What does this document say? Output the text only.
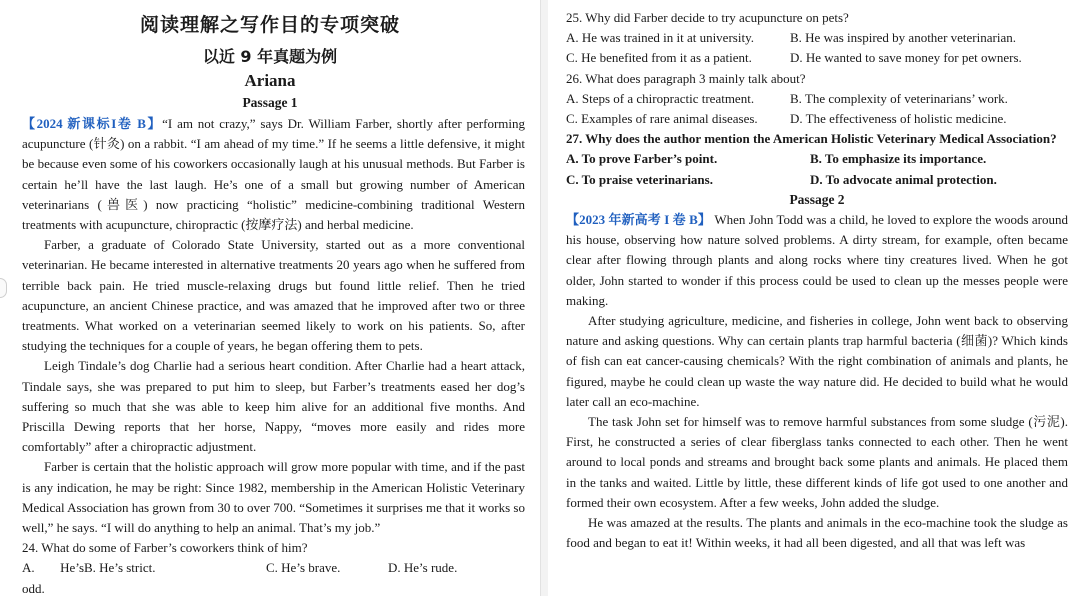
阅读理解之写作目的专项突破
以近 9 年真题为例
Ariana
Passage 1

【2024 新课标I卷 B】“I am not crazy,” says Dr. William Farber, shortly after performing acupuncture (针灸) on a rabbit. “I am ahead of my time.” If he seems a little defensive, it might be because even some of his coworkers occasionally laugh at his unusual methods. But Farber is certain he’ll have the last laugh. He’s one of a small but growing number of American veterinarians (兽医) now practicing “holistic” medicine-combining traditional Western treatments with acupuncture, chiropractic (按摩疗法) and herbal medicine.

Farber, a graduate of Colorado State University, started out as a more conventional veterinarian. He became interested in alternative treatments 20 years ago when he suffered from terrible back pain. He tried muscle-relaxing drugs but found little relief. Then he tried acupuncture, an ancient Chinese practice, and was amazed that he improved after two or three treatments. What worked on a veterinarian seemed likely to work on his patients. So, after studying the techniques for a couple of years, he began offering them to pets.

Leigh Tindale’s dog Charlie had a serious heart condition. After Charlie had a heart attack, Tindale says, she was prepared to put him to sleep, but Farber’s treatments eased her dog’s suffering so much that she was able to keep him alive for an additional five months. And Priscilla Dewing reports that her horse, Nappy, “moves more easily and rides more comfortably” after a chiropractic adjustment.

Farber is certain that the holistic approach will grow more popular with time, and if the past is any indication, he may be right: Since 1982, membership in the American Holistic Veterinary Medical Association has grown from 30 to over 700. “Sometimes it surprises me that it works so well,” he says. “I will do anything to help an animal. That’s my job.”

24. What do some of Farber’s coworkers think of him?
A. He’s odd.
B. He’s strict.	C. He’s brave.	D. He’s rude.
25. Why did Farber decide to try acupuncture on pets?
A. He was trained in it at university.	B. He was inspired by another veterinarian.
C. He benefited from it as a patient.	D. He wanted to save money for pet owners.
26. What does paragraph 3 mainly talk about?
A. Steps of a chiropractic treatment.	B. The complexity of veterinarians’ work.
C. Examples of rare animal diseases.	D. The effectiveness of holistic medicine.
27. Why does the author mention the American Holistic Veterinary Medical Association?
A. To prove Farber’s point.	B. To emphasize its importance.
C. To praise veterinarians.	D. To advocate animal protection.
Passage 2

【2023 年新高考 I 卷 B】 When John Todd was a child, he loved to explore the woods around his house, observing how nature solved problems. A dirty stream, for example, often became clear after flowing through plants and along rocks where tiny creatures lived. When he got older, John started to wonder if this process could be used to clean up the messes people were making.

After studying agriculture, medicine, and fisheries in college, John went back to observing nature and asking questions. Why can certain plants trap harmful bacteria (细菌)? Which kinds of fish can eat cancer-causing chemicals? With the right combination of animals and plants, he figured, maybe he could clean up waste the way nature did. He decided to build what he would later call an eco-machine.

The task John set for himself was to remove harmful substances from some sludge (污泥). First, he constructed a series of clear fiberglass tanks connected to each other. Then he went around to local ponds and streams and brought back some plants and animals. He placed them in the tanks and waited. Little by little, these different kinds of life got used to one another and formed their own ecosystem. After a few weeks, John added the sludge.

He was amazed at the results. The plants and animals in the eco-machine took the sludge as food and began to eat it! Within weeks, it had all been digested, and all that was left was
